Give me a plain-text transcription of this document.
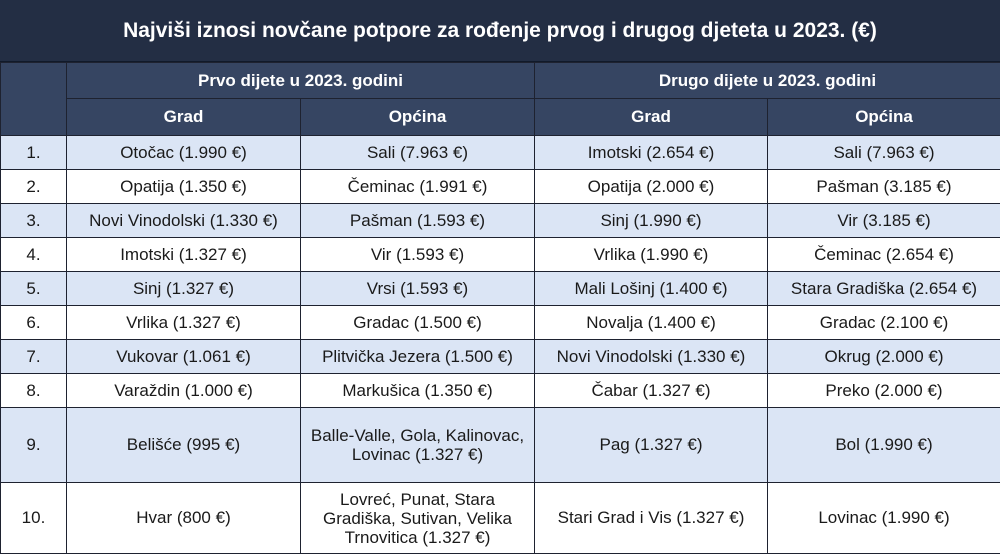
Najviši iznosi novčane potpore za rođenje prvog i drugog djeteta u 2023. (€)
	Prvo dijete u 2023. godini		Drugo dijete u 2023. godini	
	Grad	Općina	Grad	Općina
1.	Otočac (1.990 €)	Sali (7.963 €)	Imotski (2.654 €)	Sali (7.963 €)
2.	Opatija (1.350 €)	Čeminac (1.991 €)	Opatija (2.000 €)	Pašman (3.185 €)
3.	Novi Vinodolski (1.330 €)	Pašman (1.593 €)	Sinj (1.990 €)	Vir (3.185 €)
4.	Imotski (1.327 €)	Vir (1.593 €)	Vrlika (1.990 €)	Čeminac (2.654 €)
5.	Sinj (1.327 €)	Vrsi (1.593 €)	Mali Lošinj (1.400 €)	Stara Gradiška (2.654 €)
6.	Vrlika (1.327 €)	Gradac (1.500 €)	Novalja (1.400 €)	Gradac (2.100 €)
7.	Vukovar (1.061 €)	Plitvička Jezera (1.500 €)	Novi Vinodolski (1.330 €)	Okrug (2.000 €)
8.	Varaždin (1.000 €)	Markušica (1.350 €)	Čabar (1.327 €)	Preko (2.000 €)
9.	Belišće (995 €)	Balle-Valle, Gola, Kalinovac, Lovinac (1.327 €)	Pag (1.327 €)	Bol (1.990 €)
10.	Hvar (800 €)	Lovreć, Punat, Stara Gradiška, Sutivan, Velika Trnovitica (1.327 €)	Stari Grad i Vis (1.327 €)	Lovinac (1.990 €)
